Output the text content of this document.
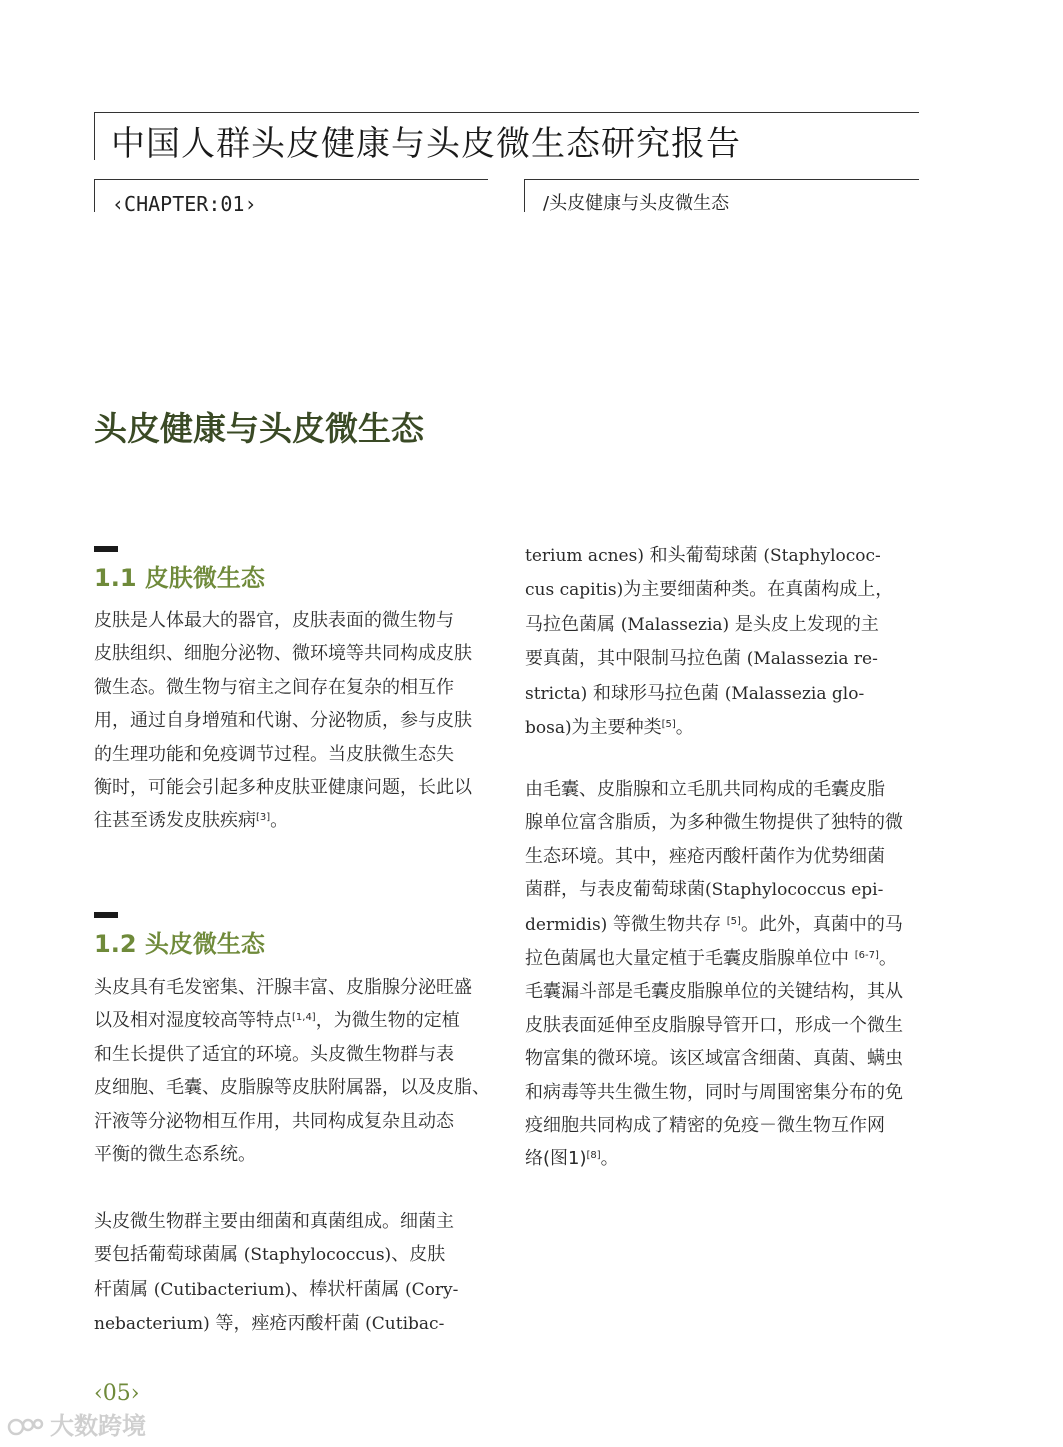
中国人群头皮健康与头皮微生态研究报告
‹CHAPTER:01›	/头皮健康与头皮微生态
头皮健康与头皮微生态
1.1 皮肤微生态

皮肤是人体最大的器官，皮肤表面的微生物与

皮肤组织、细胞分泌物、微环境等共同构成皮肤

微生态。微生物与宿主之间存在复杂的相互作

用，通过自身增殖和代谢、分泌物质，参与皮肤

的生理功能和免疫调节过程。当皮肤微生态失

衡时，可能会引起多种皮肤亚健康问题，长此以

往甚至诱发皮肤疾病[3]。

1.2 头皮微生态

头皮具有毛发密集、汗腺丰富、皮脂腺分泌旺盛

以及相对湿度较高等特点[1,4]，为微生物的定植

和生长提供了适宜的环境。头皮微生物群与表

皮细胞、毛囊、皮脂腺等皮肤附属器，以及皮脂、

汗液等分泌物相互作用，共同构成复杂且动态

平衡的微生态系统。

头皮微生物群主要由细菌和真菌组成。细菌主

要包括葡萄球菌属 (Staphylococcus)、皮肤

杆菌属 (Cutibacterium)、棒状杆菌属 (Cory-

nebacterium) 等，痤疮丙酸杆菌 (Cutibac-

terium acnes) 和头葡萄球菌 (Staphylococ-

cus capitis)为主要细菌种类。在真菌构成上，

马拉色菌属 (Malassezia) 是头皮上发现的主

要真菌，其中限制马拉色菌 (Malassezia re-

stricta) 和球形马拉色菌 (Malassezia glo-

bosa)为主要种类[5]。

由毛囊、皮脂腺和立毛肌共同构成的毛囊皮脂

腺单位富含脂质，为多种微生物提供了独特的微

生态环境。其中，痤疮丙酸杆菌作为优势细菌

菌群，与表皮葡萄球菌(Staphylococcus epi-

dermidis) 等微生物共存 [5]。此外，真菌中的马

拉色菌属也大量定植于毛囊皮脂腺单位中 [6-7]。

毛囊漏斗部是毛囊皮脂腺单位的关键结构，其从

皮肤表面延伸至皮脂腺导管开口，形成一个微生

物富集的微环境。该区域富含细菌、真菌、螨虫

和病毒等共生微生物，同时与周围密集分布的免

疫细胞共同构成了精密的免疫－微生物互作网

络(图1)[8]。

‹05›
大数跨境
